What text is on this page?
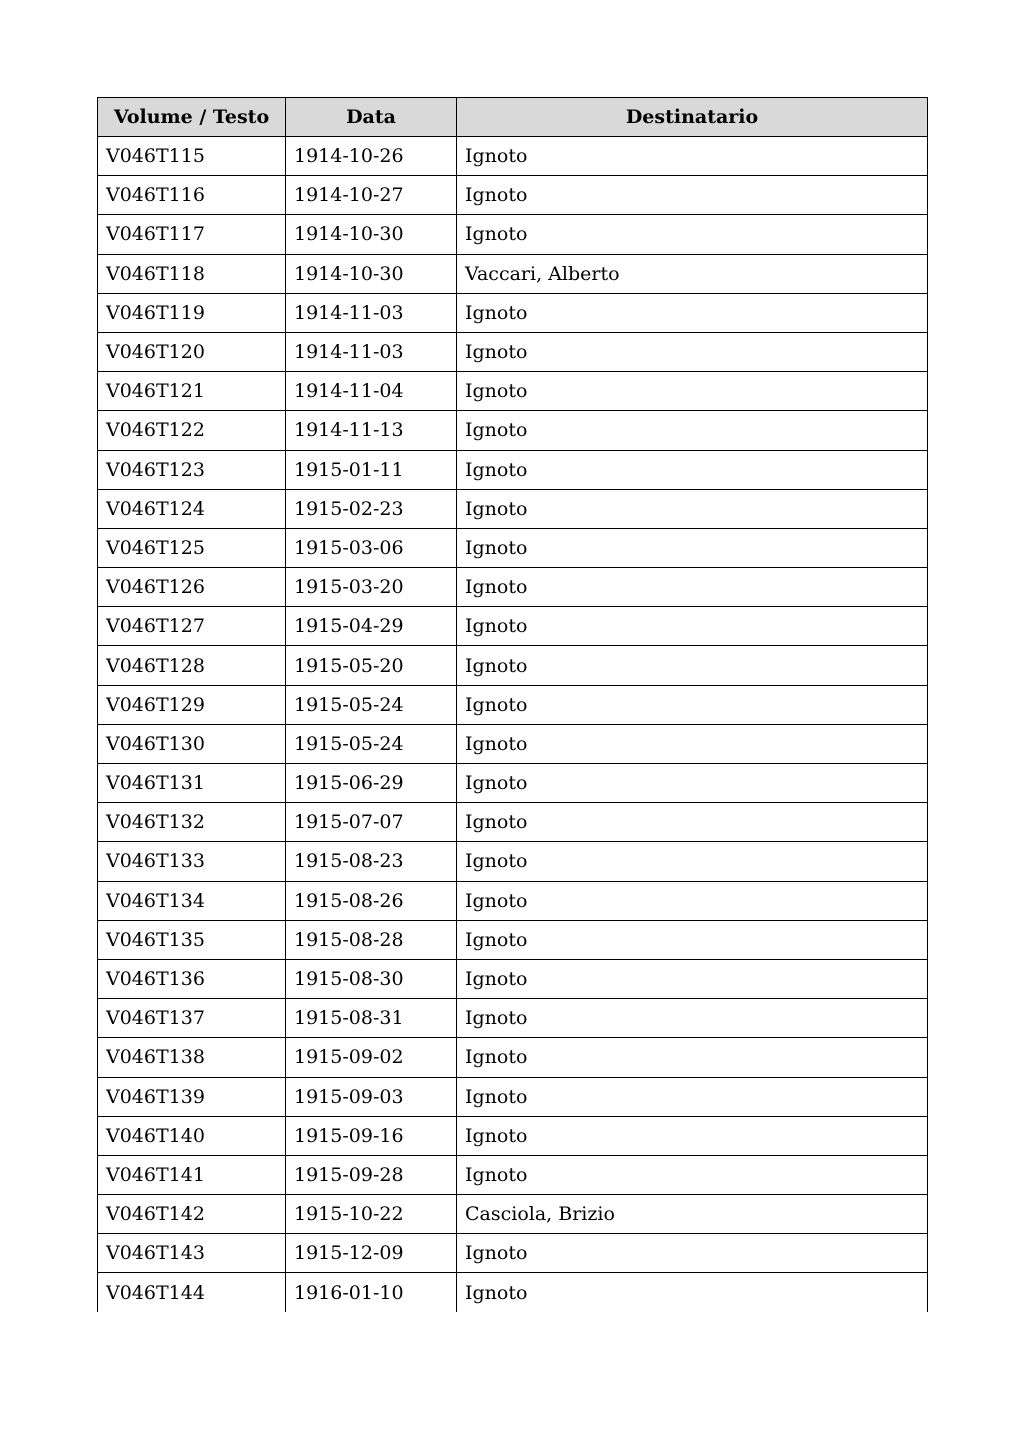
Volume / Testo	Data	Destinatario
V046T115	1914-10-26	Ignoto
V046T116	1914-10-27	Ignoto
V046T117	1914-10-30	Ignoto
V046T118	1914-10-30	Vaccari, Alberto
V046T119	1914-11-03	Ignoto
V046T120	1914-11-03	Ignoto
V046T121	1914-11-04	Ignoto
V046T122	1914-11-13	Ignoto
V046T123	1915-01-11	Ignoto
V046T124	1915-02-23	Ignoto
V046T125	1915-03-06	Ignoto
V046T126	1915-03-20	Ignoto
V046T127	1915-04-29	Ignoto
V046T128	1915-05-20	Ignoto
V046T129	1915-05-24	Ignoto
V046T130	1915-05-24	Ignoto
V046T131	1915-06-29	Ignoto
V046T132	1915-07-07	Ignoto
V046T133	1915-08-23	Ignoto
V046T134	1915-08-26	Ignoto
V046T135	1915-08-28	Ignoto
V046T136	1915-08-30	Ignoto
V046T137	1915-08-31	Ignoto
V046T138	1915-09-02	Ignoto
V046T139	1915-09-03	Ignoto
V046T140	1915-09-16	Ignoto
V046T141	1915-09-28	Ignoto
V046T142	1915-10-22	Casciola, Brizio
V046T143	1915-12-09	Ignoto
V046T144	1916-01-10	Ignoto
